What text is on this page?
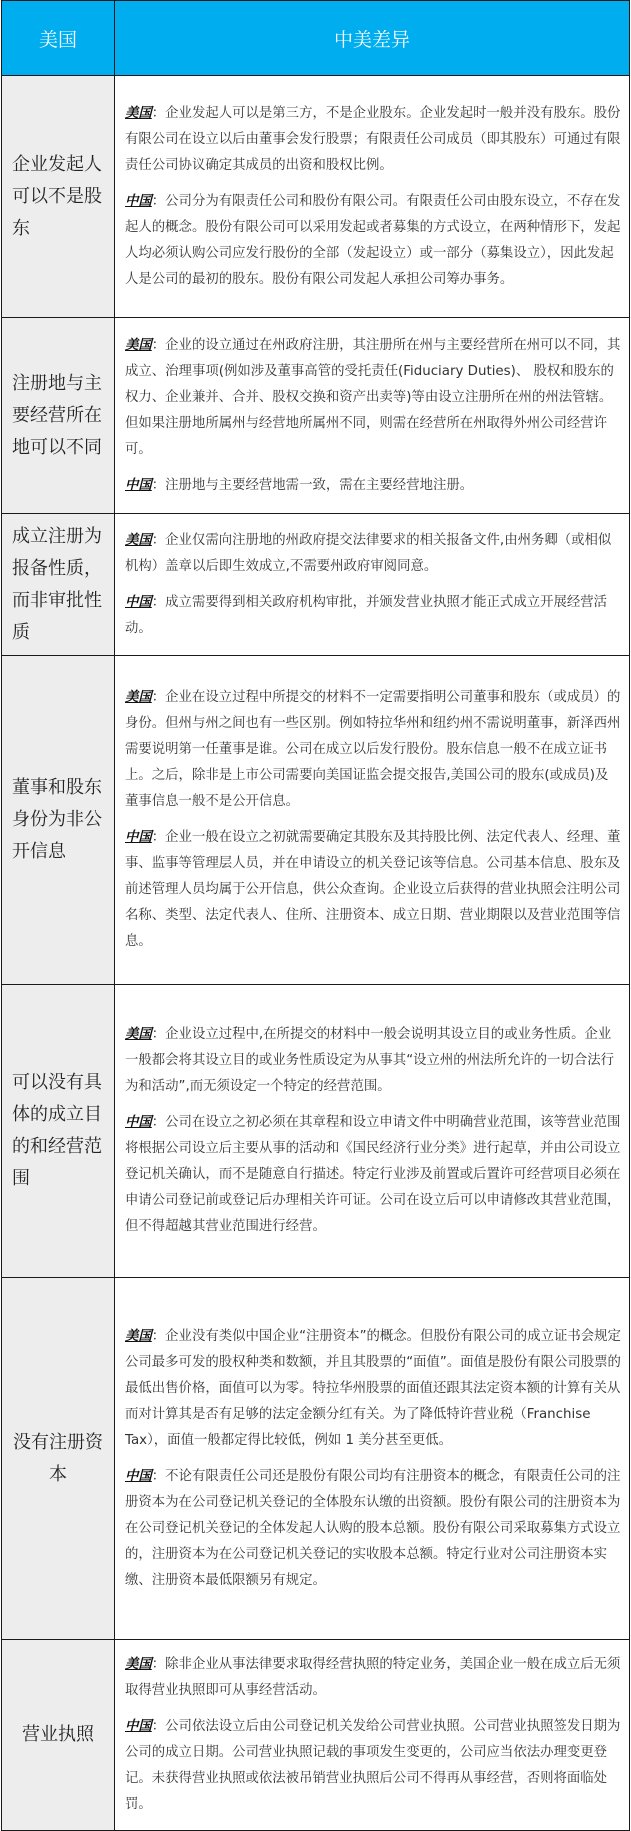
美国	中美差异
企业发起人可以不是股东	美国：企业发起人可以是第三方，不是企业股东。企业发起时一般并没有股东。股份有限公司在设立以后由董事会发行股票；有限责任公司成员（即其股东）可通过有限责任公司协议确定其成员的出资和股权比例。
中国：公司分为有限责任公司和股份有限公司。有限责任公司由股东设立，不存在发起人的概念。股份有限公司可以采用发起或者募集的方式设立，在两种情形下，发起人均必须认购公司应发行股份的全部（发起设立）或一部分（募集设立），因此发起人是公司的最初的股东。股份有限公司发起人承担公司筹办事务。

注册地与主要经营所在地可以不同	美国：企业的设立通过在州政府注册，其注册所在州与主要经营所在州可以不同，其成立、治理事项(例如涉及董事高管的受托责任(Fiduciary Duties)、 股权和股东的权力、企业兼并、合并、股权交换和资产出卖等)等由设立注册所在州的州法管辖。但如果注册地所属州与经营地所属州不同，则需在经营所在州取得外州公司经营许可。
中国：注册地与主要经营地需一致，需在主要经营地注册。

成立注册为报备性质，而非审批性质	美国：企业仅需向注册地的州政府提交法律要求的相关报备文件,由州务卿（或相似机构）盖章以后即生效成立,不需要州政府审阅同意。
中国：成立需要得到相关政府机构审批，并颁发营业执照才能正式成立开展经营活动。

董事和股东身份为非公开信息	美国：企业在设立过程中所提交的材料不一定需要指明公司董事和股东（或成员）的身份。但州与州之间也有一些区别。例如特拉华州和纽约州不需说明董事，新泽西州需要说明第一任董事是谁。公司在成立以后发行股份。股东信息一般不在成立证书上。之后，除非是上市公司需要向美国证监会提交报告,美国公司的股东(或成员)及董事信息一般不是公开信息。
中国：企业一般在设立之初就需要确定其股东及其持股比例、法定代表人、经理、董事、监事等管理层人员，并在申请设立的机关登记该等信息。公司基本信息、股东及前述管理人员均属于公开信息，供公众查询。企业设立后获得的营业执照会注明公司名称、类型、法定代表人、住所、注册资本、成立日期、营业期限以及营业范围等信息。

可以没有具体的成立目的和经营范围	美国：企业设立过程中,在所提交的材料中一般会说明其设立目的或业务性质。企业一般都会将其设立目的或业务性质设定为从事其“设立州的州法所允许的一切合法行为和活动”,而无须设定一个特定的经营范围。
中国：公司在设立之初必须在其章程和设立申请文件中明确营业范围，该等营业范围将根据公司设立后主要从事的活动和《国民经济行业分类》进行起草，并由公司设立登记机关确认，而不是随意自行描述。特定行业涉及前置或后置许可经营项目必须在申请公司登记前或登记后办理相关许可证。公司在设立后可以申请修改其营业范围，但不得超越其营业范围进行经营。

没有注册资本	美国：企业没有类似中国企业“注册资本”的概念。但股份有限公司的成立证书会规定公司最多可发的股权种类和数额，并且其股票的“面值”。面值是股份有限公司股票的最低出售价格，面值可以为零。特拉华州股票的面值还跟其法定资本额的计算有关从而对计算其是否有足够的法定金额分红有关。为了降低特许营业税（Franchise Tax），面值一般都定得比较低，例如 1 美分甚至更低。
中国：不论有限责任公司还是股份有限公司均有注册资本的概念，有限责任公司的注册资本为在公司登记机关登记的全体股东认缴的出资额。股份有限公司的注册资本为在公司登记机关登记的全体发起人认购的股本总额。股份有限公司采取募集方式设立的，注册资本为在公司登记机关登记的实收股本总额。特定行业对公司注册资本实缴、注册资本最低限额另有规定。

营业执照	美国：除非企业从事法律要求取得经营执照的特定业务，美国企业一般在成立后无须取得营业执照即可从事经营活动。
中国：公司依法设立后由公司登记机关发给公司营业执照。公司营业执照签发日期为公司的成立日期。公司营业执照记载的事项发生变更的，公司应当依法办理变更登记。未获得营业执照或依法被吊销营业执照后公司不得再从事经营，否则将面临处罚。
